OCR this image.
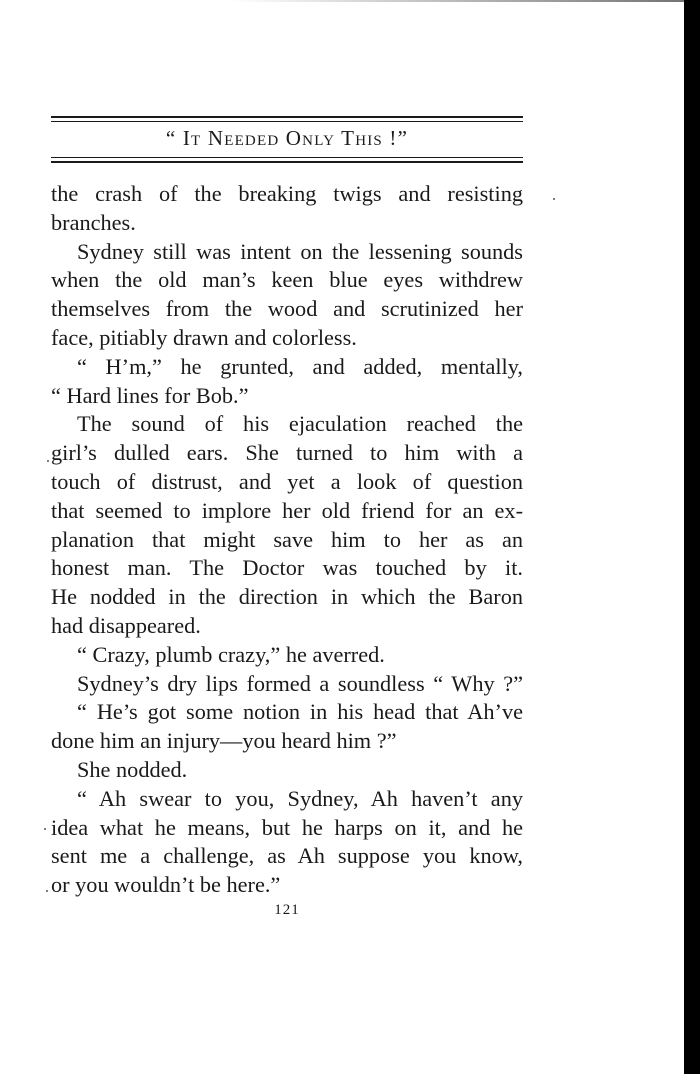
“ It Needed Only This !”
the crash of the breaking twigs and resisting
branches.
Sydney still was intent on the lessening sounds
when the old man’s keen blue eyes withdrew
themselves from the wood and scrutinized her
face, pitiably drawn and colorless.
“ H’m,” he grunted, and added, mentally,
“ Hard lines for Bob.”
The sound of his ejaculation reached the
girl’s dulled ears. She turned to him with a
touch of distrust, and yet a look of question
that seemed to implore her old friend for an ex-
planation that might save him to her as an
honest man. The Doctor was touched by it.
He nodded in the direction in which the Baron
had disappeared.
“ Crazy, plumb crazy,” he averred.
Sydney’s dry lips formed a soundless “ Why ?”
“ He’s got some notion in his head that Ah’ve
done him an injury—you heard him ?”
She nodded.
“ Ah swear to you, Sydney, Ah haven’t any
idea what he means, but he harps on it, and he
sent me a challenge, as Ah suppose you know,
or you wouldn’t be here.”
121
